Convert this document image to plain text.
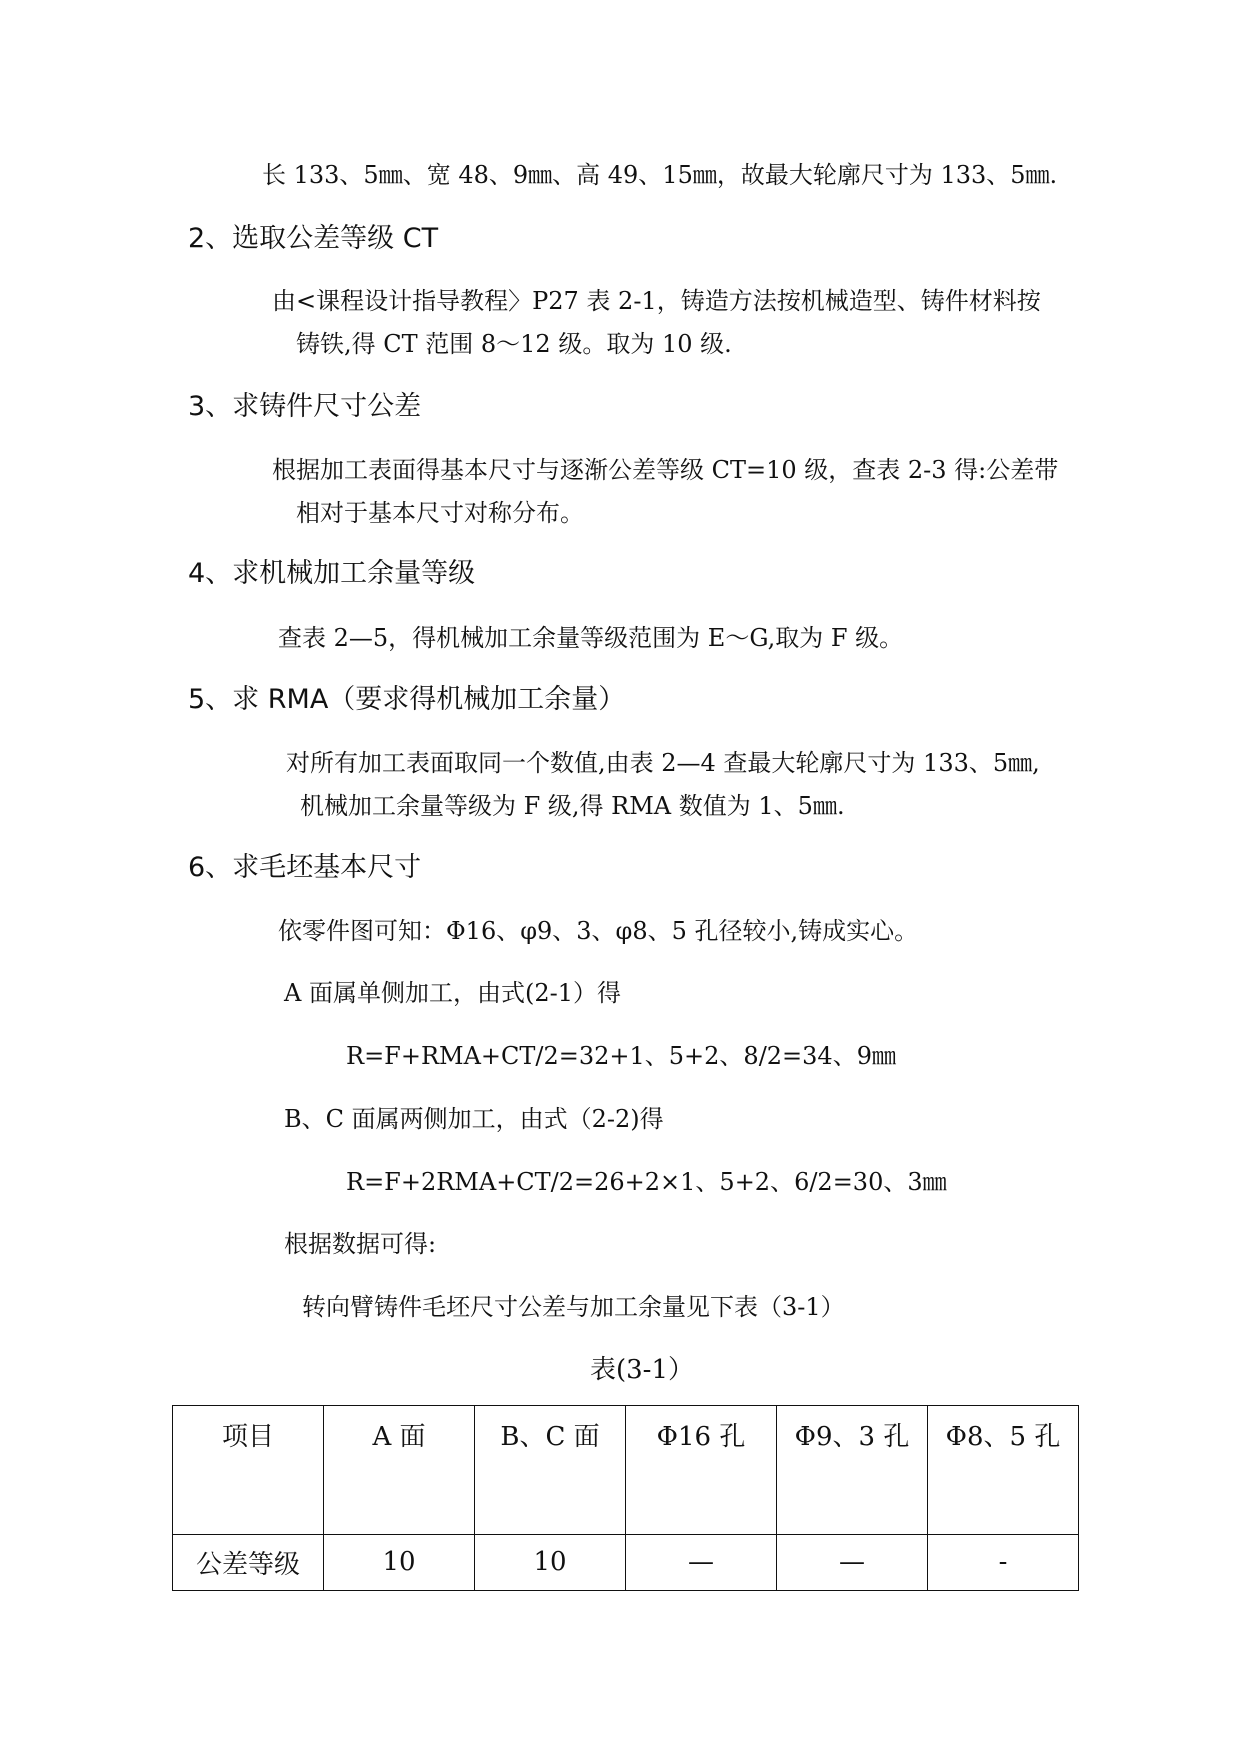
长 133、5㎜、宽 48、9㎜、高 49、15㎜，故最大轮廓尺寸为 133、5㎜.
2、选取公差等级 CT
由<课程设计指导教程〉P27 表 2-1，铸造方法按机械造型、铸件材料按
铸铁,得 CT 范围 8～12 级。取为 10 级.
3、求铸件尺寸公差
根据加工表面得基本尺寸与逐渐公差等级 CT=10 级，查表 2-3 得:公差带
相对于基本尺寸对称分布。
4、求机械加工余量等级
查表 2—5，得机械加工余量等级范围为 E～G,取为 F 级。
5、求 RMA（要求得机械加工余量）
对所有加工表面取同一个数值,由表 2—4 查最大轮廓尺寸为 133、5㎜,
机械加工余量等级为 F 级,得 RMA 数值为 1、5㎜.
6、求毛坯基本尺寸
依零件图可知：Φ16、φ9、3、φ8、5 孔径较小,铸成实心。
A 面属单侧加工，由式(2-1）得
R=F+RMA+CT/2=32+1、5+2、8/2=34、9㎜
B、C 面属两侧加工，由式（2-2)得
R=F+2RMA+CT/2=26+2×1、5+2、6/2=30、3㎜
根据数据可得:
转向臂铸件毛坯尺寸公差与加工余量见下表（3-1）
表(3-1）
项目	A 面	B、C 面	Φ16 孔	Φ9、3 孔	Φ8、5 孔
公差等级	10	10	—	—	-
